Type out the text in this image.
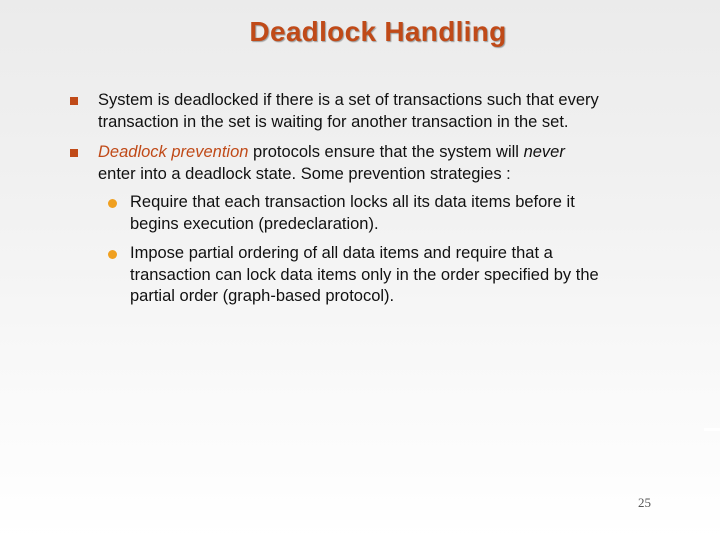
Deadlock Handling
System is deadlocked if there is a set of transactions such that every
transaction in the set is waiting for another transaction in the set.
Deadlock prevention protocols ensure that the system will never
enter into a deadlock state. Some prevention strategies :
Require that each transaction locks all its data items before it
begins execution (predeclaration).
Impose partial ordering of all data items and require that a
transaction can lock data items only in the order specified by the
partial order (graph-based protocol).
25
